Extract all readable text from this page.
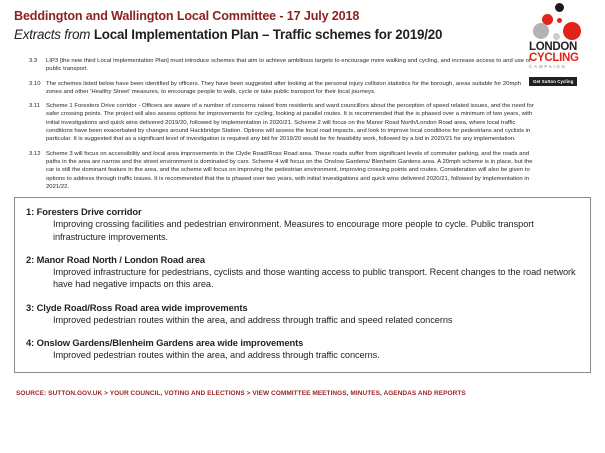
Beddington and Wallington Local Committee - 17 July 2018
Extracts from Local Implementation Plan – Traffic schemes for 2019/20
LONDON
CYCLING
CAMPAIGN
Get Sutton Cycling
3.3	LIP3 [the new third Local Implementation Plan] must introduce schemes that aim to achieve ambitious targets to encourage more walking and cycling, and increase access to and use of public transport.
3.10 The schemes listed below have been identified by officers. They have been suggested after looking at the personal injury collision statistics for the borough, areas suitable for 20mph zones and other 'Healthy Street' measures, to encourage people to walk, cycle or take public transport for their local journeys.
3.11	Scheme 1 Foresters Drive corridor - Officers are aware of a number of concerns raised from residents and ward councillors about the perception of speed related issues, and the need for safer crossing points. The project will also assess options for improvements for cycling, looking at parallel routes. It is recommended that the is phased over a minimum of two years, with initial investigations and quick wins delivered 2019/20, followed by implementation in 2020/21. Scheme 2 will focus on the Manor Road North/London Road area, where local traffic conditions have been exacerbated by changes around Hackbridge Station. Options will assess the local road impacts, and look to improve local conditions for pedestrians and cyclists in particular. It is suggested that as a significant level of investigation is required any bid for 2019/20 would be for feasibility work, followed by a bid in 2020/21 for any implementation.
3.12 Scheme 3 will focus on accessibility and local area improvements in the Clyde Road/Ross Road area. These roads suffer from significant levels of commuter parking, and the roads and paths in the area are narrow and the street environment is dominated by cars. Scheme 4 will focus on the Onslow Gardens/ Blenheim Gardens area. A 20mph scheme is in place, but the car is still the dominant feature in the area, and the scheme will focus on improving the pedestrian environment, improving crossing points and routes. Consideration will also be given to options to address through traffic issues. It is recommended that the is phased over two years, with initial investigations and quick wins delivered 2020/21, followed by implementation in 2021/22.
1: Foresters Drive corridor
Improving crossing facilities and pedestrian environment. Measures to encourage more people to cycle. Public transport infrastructure improvements.
2: Manor Road North / London Road area
Improved infrastructure for pedestrians, cyclists and those wanting access to public transport. Recent changes to the road network have had negative impacts on this area.
3: Clyde Road/Ross Road area wide improvements
Improved pedestrian routes within the area, and address through traffic and speed related concerns
4: Onslow Gardens/Blenheim Gardens area wide improvements
Improved pedestrian routes within the area, and address through traffic concerns.
SOURCE: SUTTON.GOV.UK > YOUR COUNCIL, VOTING AND ELECTIONS > VIEW COMMITTEE MEETINGS, MINUTES, AGENDAS AND REPORTS
